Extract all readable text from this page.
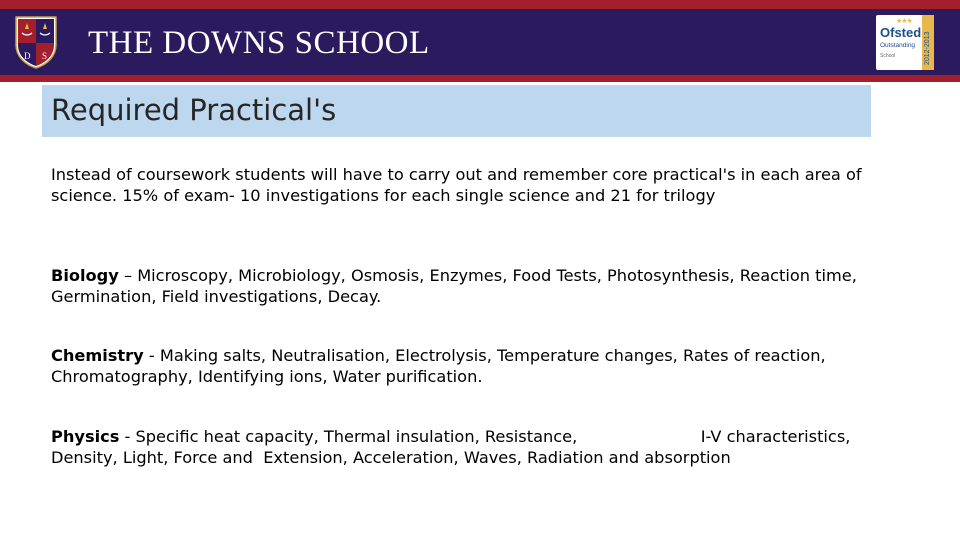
D S THE DOWNS SCHOOL
★★★
Ofsted
Outstanding
School	2012-2013
Required Practical's

Instead of coursework students will have to carry out and remember core practical's in each area of science. 15% of exam- 10 investigations for each single science and 21 for trilogy

Biology – Microscopy, Microbiology, Osmosis, Enzymes, Food Tests, Photosynthesis, Reaction time, Germination, Field investigations, Decay.

Chemistry - Making salts, Neutralisation, Electrolysis, Temperature changes, Rates of reaction, Chromatography, Identifying ions, Water purification.

Physics - Specific heat capacity, Thermal insulation, Resistance,                        I-V characteristics, Density, Light, Force and  Extension, Acceleration, Waves, Radiation and absorption
